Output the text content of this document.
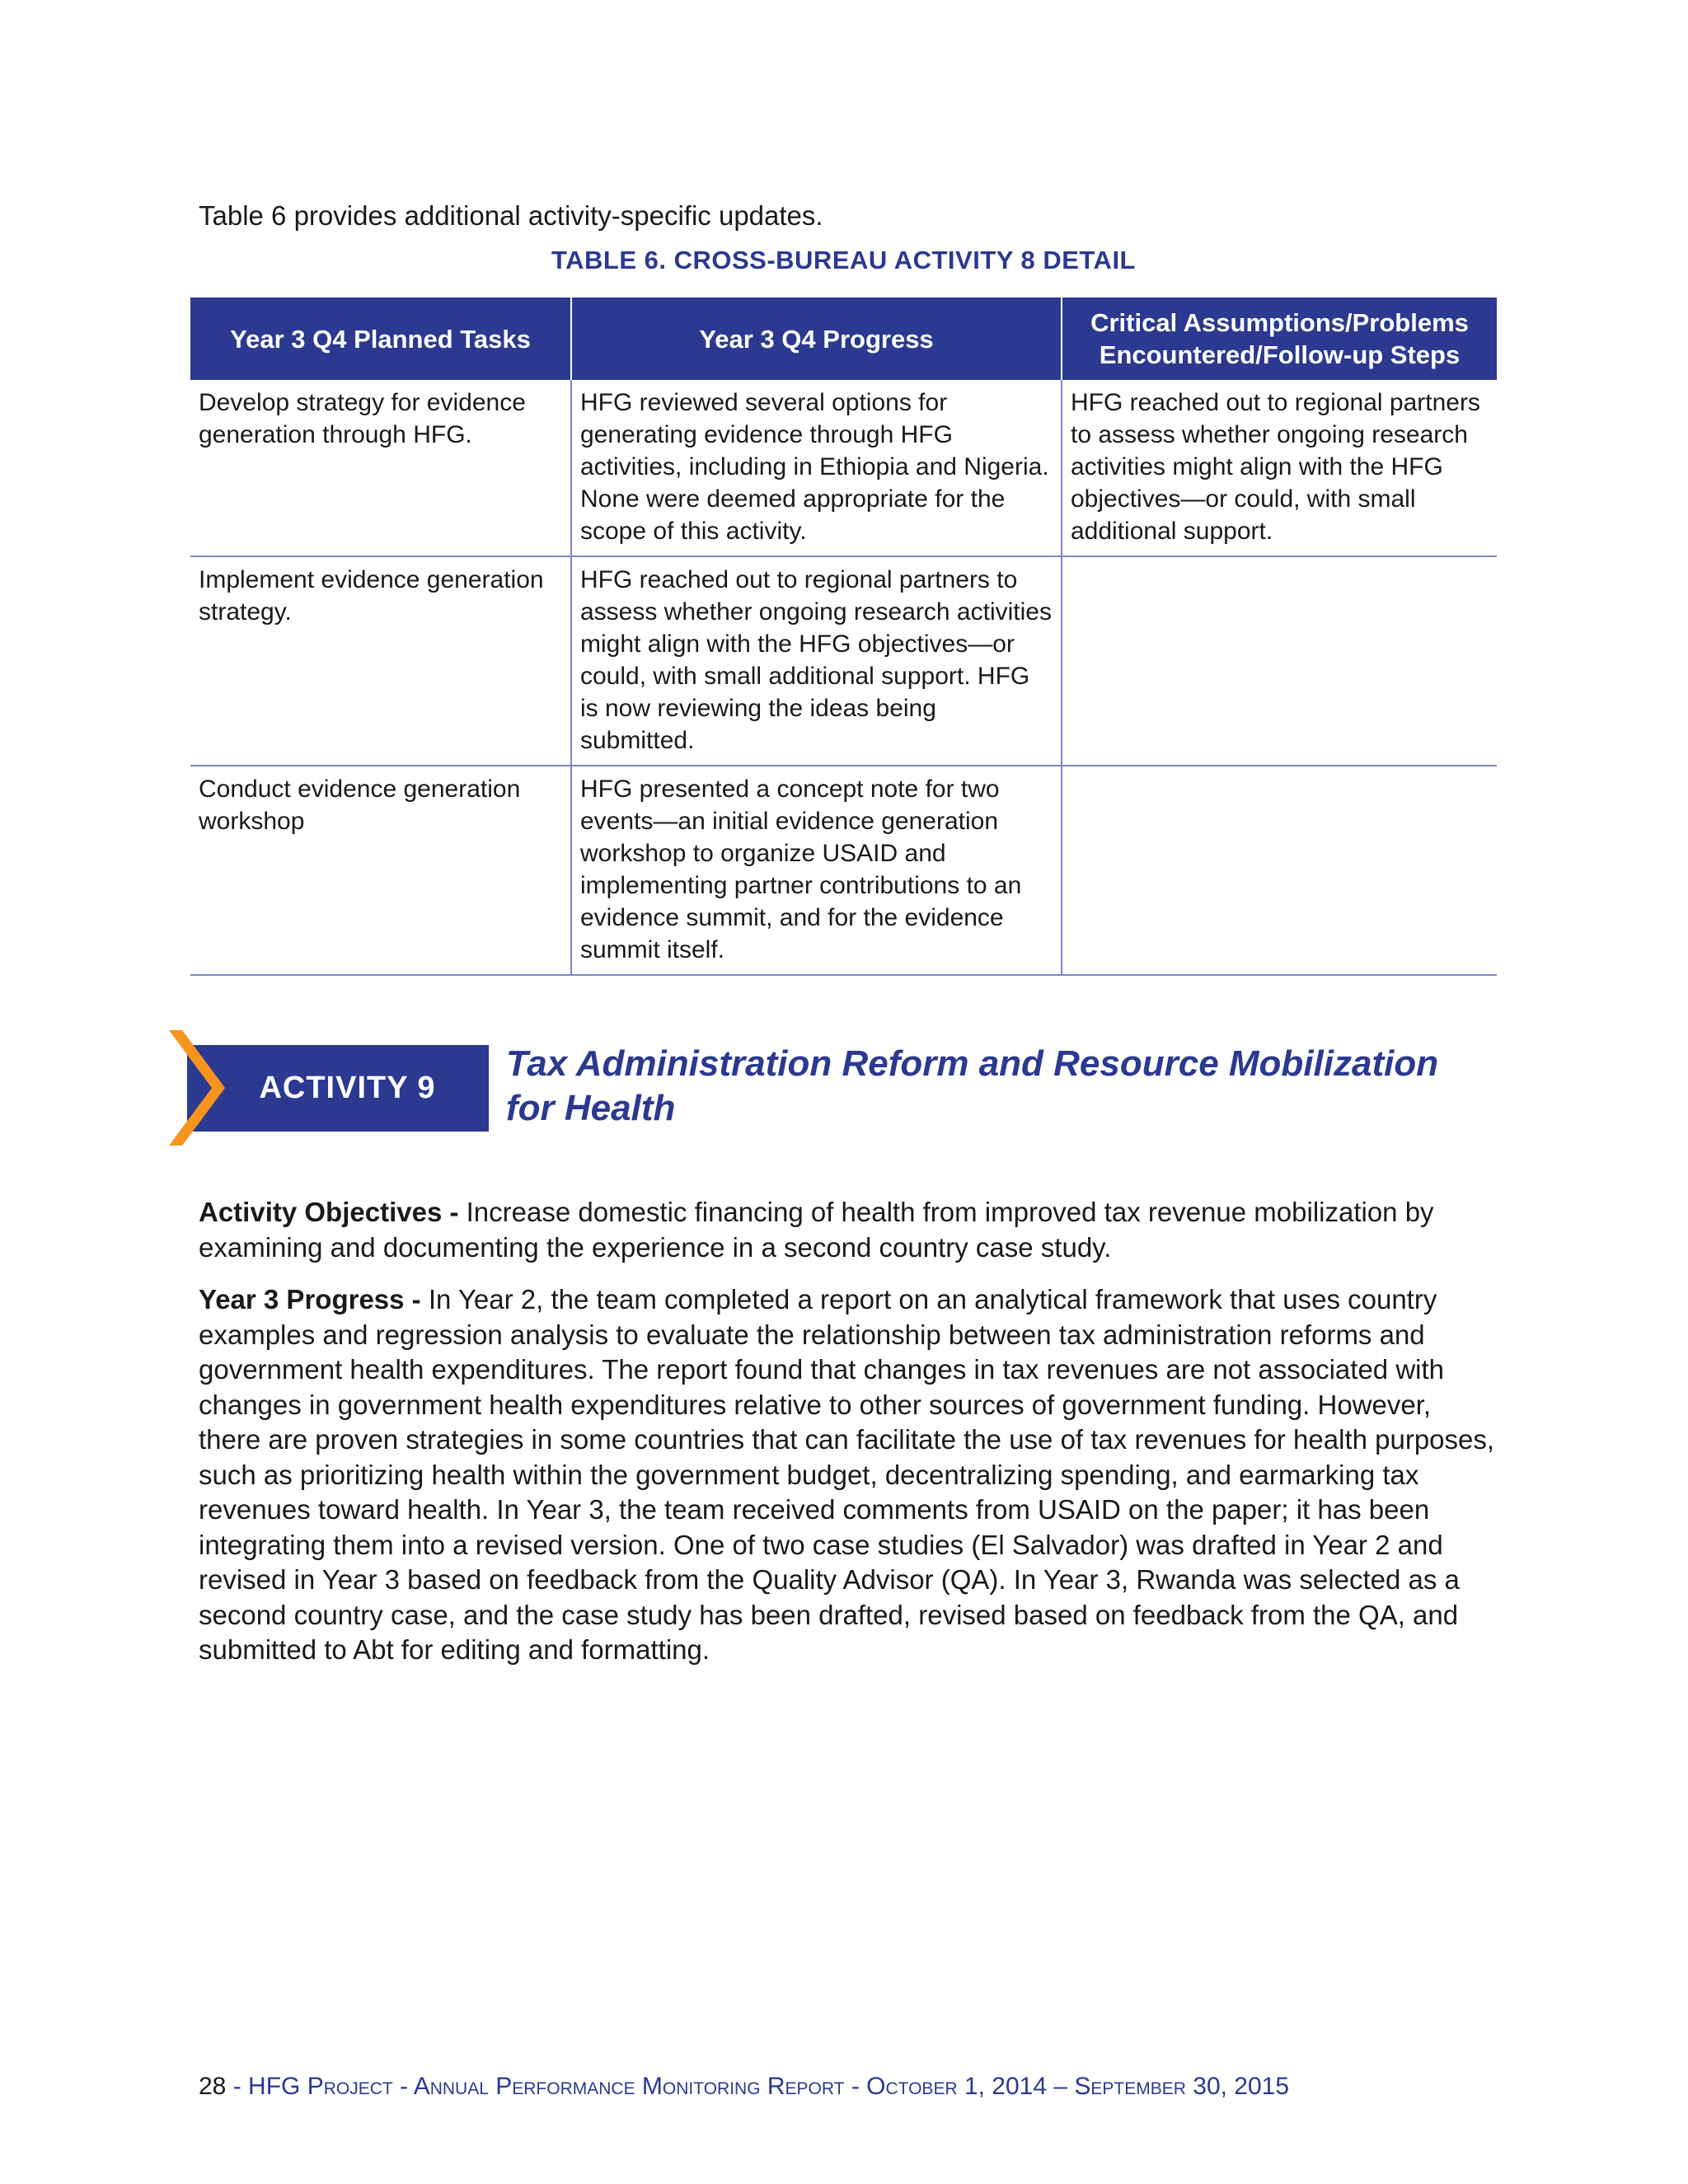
Table 6 provides additional activity-specific updates.
TABLE 6. CROSS-BUREAU ACTIVITY 8 DETAIL
Year 3 Q4 Planned Tasks	Year 3 Q4 Progress	Critical Assumptions/Problems Encountered/Follow-up Steps
Develop strategy for evidence generation through HFG.	HFG reviewed several options for generating evidence through HFG activities, including in Ethiopia and Nigeria. None were deemed appropriate for the scope of this activity.	HFG reached out to regional partners to assess whether ongoing research activities might align with the HFG objectives—or could, with small additional support.
Implement evidence generation strategy.	HFG reached out to regional partners to assess whether ongoing research activities might align with the HFG objectives—or could, with small additional support. HFG is now reviewing the ideas being submitted.	
Conduct evidence generation workshop	HFG presented a concept note for two events—an initial evidence generation workshop to organize USAID and implementing partner contributions to an evidence summit, and for the evidence summit itself.	
ACTIVITY 9
Tax Administration Reform and Resource Mobilization for Health
Activity Objectives - Increase domestic financing of health from improved tax revenue mobilization by examining and documenting the experience in a second country case study.
Year 3 Progress - In Year 2, the team completed a report on an analytical framework that uses country examples and regression analysis to evaluate the relationship between tax administration reforms and government health expenditures. The report found that changes in tax revenues are not associated with changes in government health expenditures relative to other sources of government funding. However, there are proven strategies in some countries that can facilitate the use of tax revenues for health purposes, such as prioritizing health within the government budget, decentralizing spending, and earmarking tax revenues toward health. In Year 3, the team received comments from USAID on the paper; it has been integrating them into a revised version. One of two case studies (El Salvador) was drafted in Year 2 and revised in Year 3 based on feedback from the Quality Advisor (QA). In Year 3, Rwanda was selected as a second country case, and the case study has been drafted, revised based on feedback from the QA, and submitted to Abt for editing and formatting.
28 - HFG Project - Annual Performance Monitoring Report - October 1, 2014 – September 30, 2015
